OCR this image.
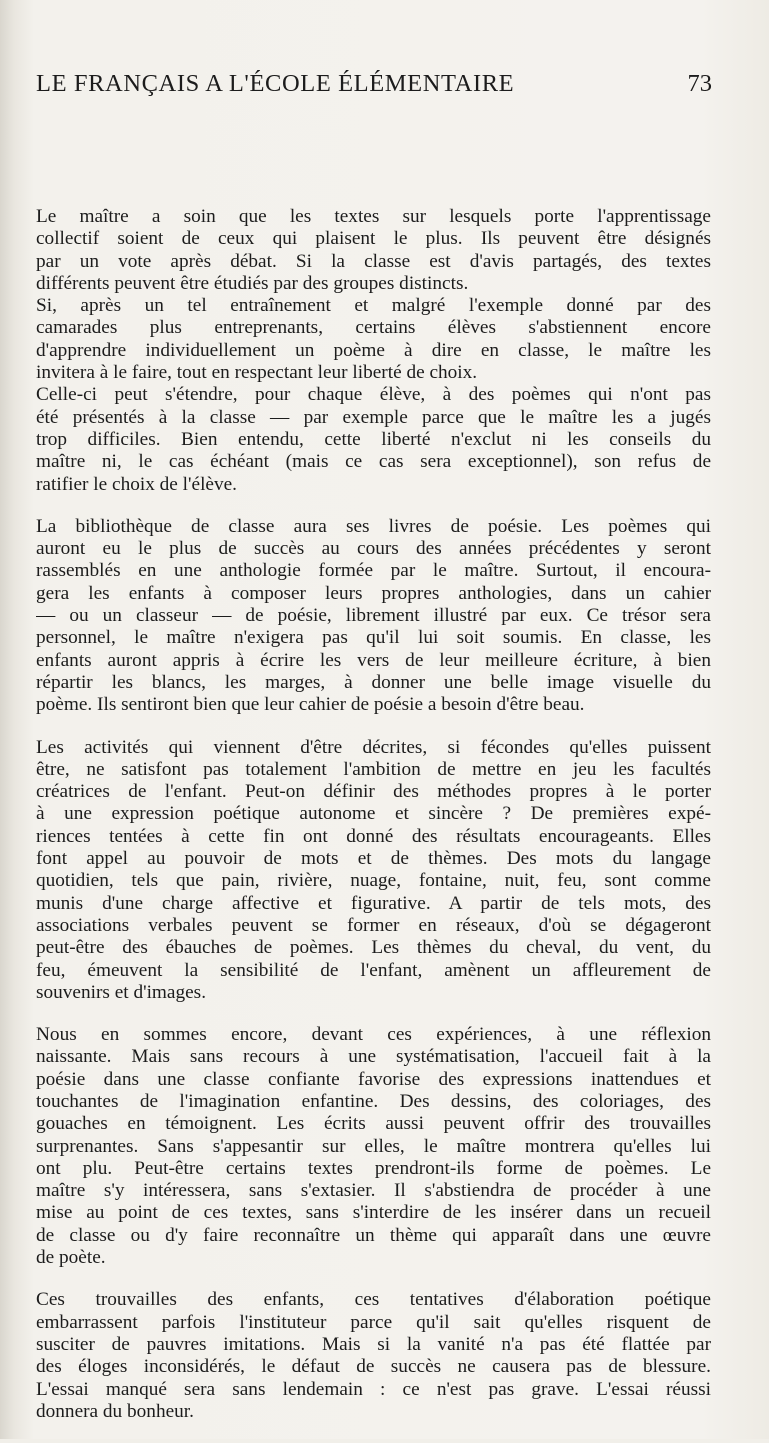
LE FRANÇAIS A L'ÉCOLE ÉLÉMENTAIRE	73
Le maître a soin que les textes sur lesquels porte l'apprentissage
collectif soient de ceux qui plaisent le plus. Ils peuvent être désignés
par un vote après débat. Si la classe est d'avis partagés, des textes
différents peuvent être étudiés par des groupes distincts.
Si, après un tel entraînement et malgré l'exemple donné par des
camarades plus entreprenants, certains élèves s'abstiennent encore
d'apprendre individuellement un poème à dire en classe, le maître les
invitera à le faire, tout en respectant leur liberté de choix.
Celle-ci peut s'étendre, pour chaque élève, à des poèmes qui n'ont pas
été présentés à la classe — par exemple parce que le maître les a jugés
trop difficiles. Bien entendu, cette liberté n'exclut ni les conseils du
maître ni, le cas échéant (mais ce cas sera exceptionnel), son refus de
ratifier le choix de l'élève.
La bibliothèque de classe aura ses livres de poésie. Les poèmes qui
auront eu le plus de succès au cours des années précédentes y seront
rassemblés en une anthologie formée par le maître. Surtout, il encoura-
gera les enfants à composer leurs propres anthologies, dans un cahier
— ou un classeur — de poésie, librement illustré par eux. Ce trésor sera
personnel, le maître n'exigera pas qu'il lui soit soumis. En classe, les
enfants auront appris à écrire les vers de leur meilleure écriture, à bien
répartir les blancs, les marges, à donner une belle image visuelle du
poème. Ils sentiront bien que leur cahier de poésie a besoin d'être beau.
Les activités qui viennent d'être décrites, si fécondes qu'elles puissent
être, ne satisfont pas totalement l'ambition de mettre en jeu les facultés
créatrices de l'enfant. Peut-on définir des méthodes propres à le porter
à une expression poétique autonome et sincère ? De premières expé-
riences tentées à cette fin ont donné des résultats encourageants. Elles
font appel au pouvoir de mots et de thèmes. Des mots du langage
quotidien, tels que pain, rivière, nuage, fontaine, nuit, feu, sont comme
munis d'une charge affective et figurative. A partir de tels mots, des
associations verbales peuvent se former en réseaux, d'où se dégageront
peut-être des ébauches de poèmes. Les thèmes du cheval, du vent, du
feu, émeuvent la sensibilité de l'enfant, amènent un affleurement de
souvenirs et d'images.
Nous en sommes encore, devant ces expériences, à une réflexion
naissante. Mais sans recours à une systématisation, l'accueil fait à la
poésie dans une classe confiante favorise des expressions inattendues et
touchantes de l'imagination enfantine. Des dessins, des coloriages, des
gouaches en témoignent. Les écrits aussi peuvent offrir des trouvailles
surprenantes. Sans s'appesantir sur elles, le maître montrera qu'elles lui
ont plu. Peut-être certains textes prendront-ils forme de poèmes. Le
maître s'y intéressera, sans s'extasier. Il s'abstiendra de procéder à une
mise au point de ces textes, sans s'interdire de les insérer dans un recueil
de classe ou d'y faire reconnaître un thème qui apparaît dans une œuvre
de poète.
Ces trouvailles des enfants, ces tentatives d'élaboration poétique
embarrassent parfois l'instituteur parce qu'il sait qu'elles risquent de
susciter de pauvres imitations. Mais si la vanité n'a pas été flattée par
des éloges inconsidérés, le défaut de succès ne causera pas de blessure.
L'essai manqué sera sans lendemain : ce n'est pas grave. L'essai réussi
donnera du bonheur.
